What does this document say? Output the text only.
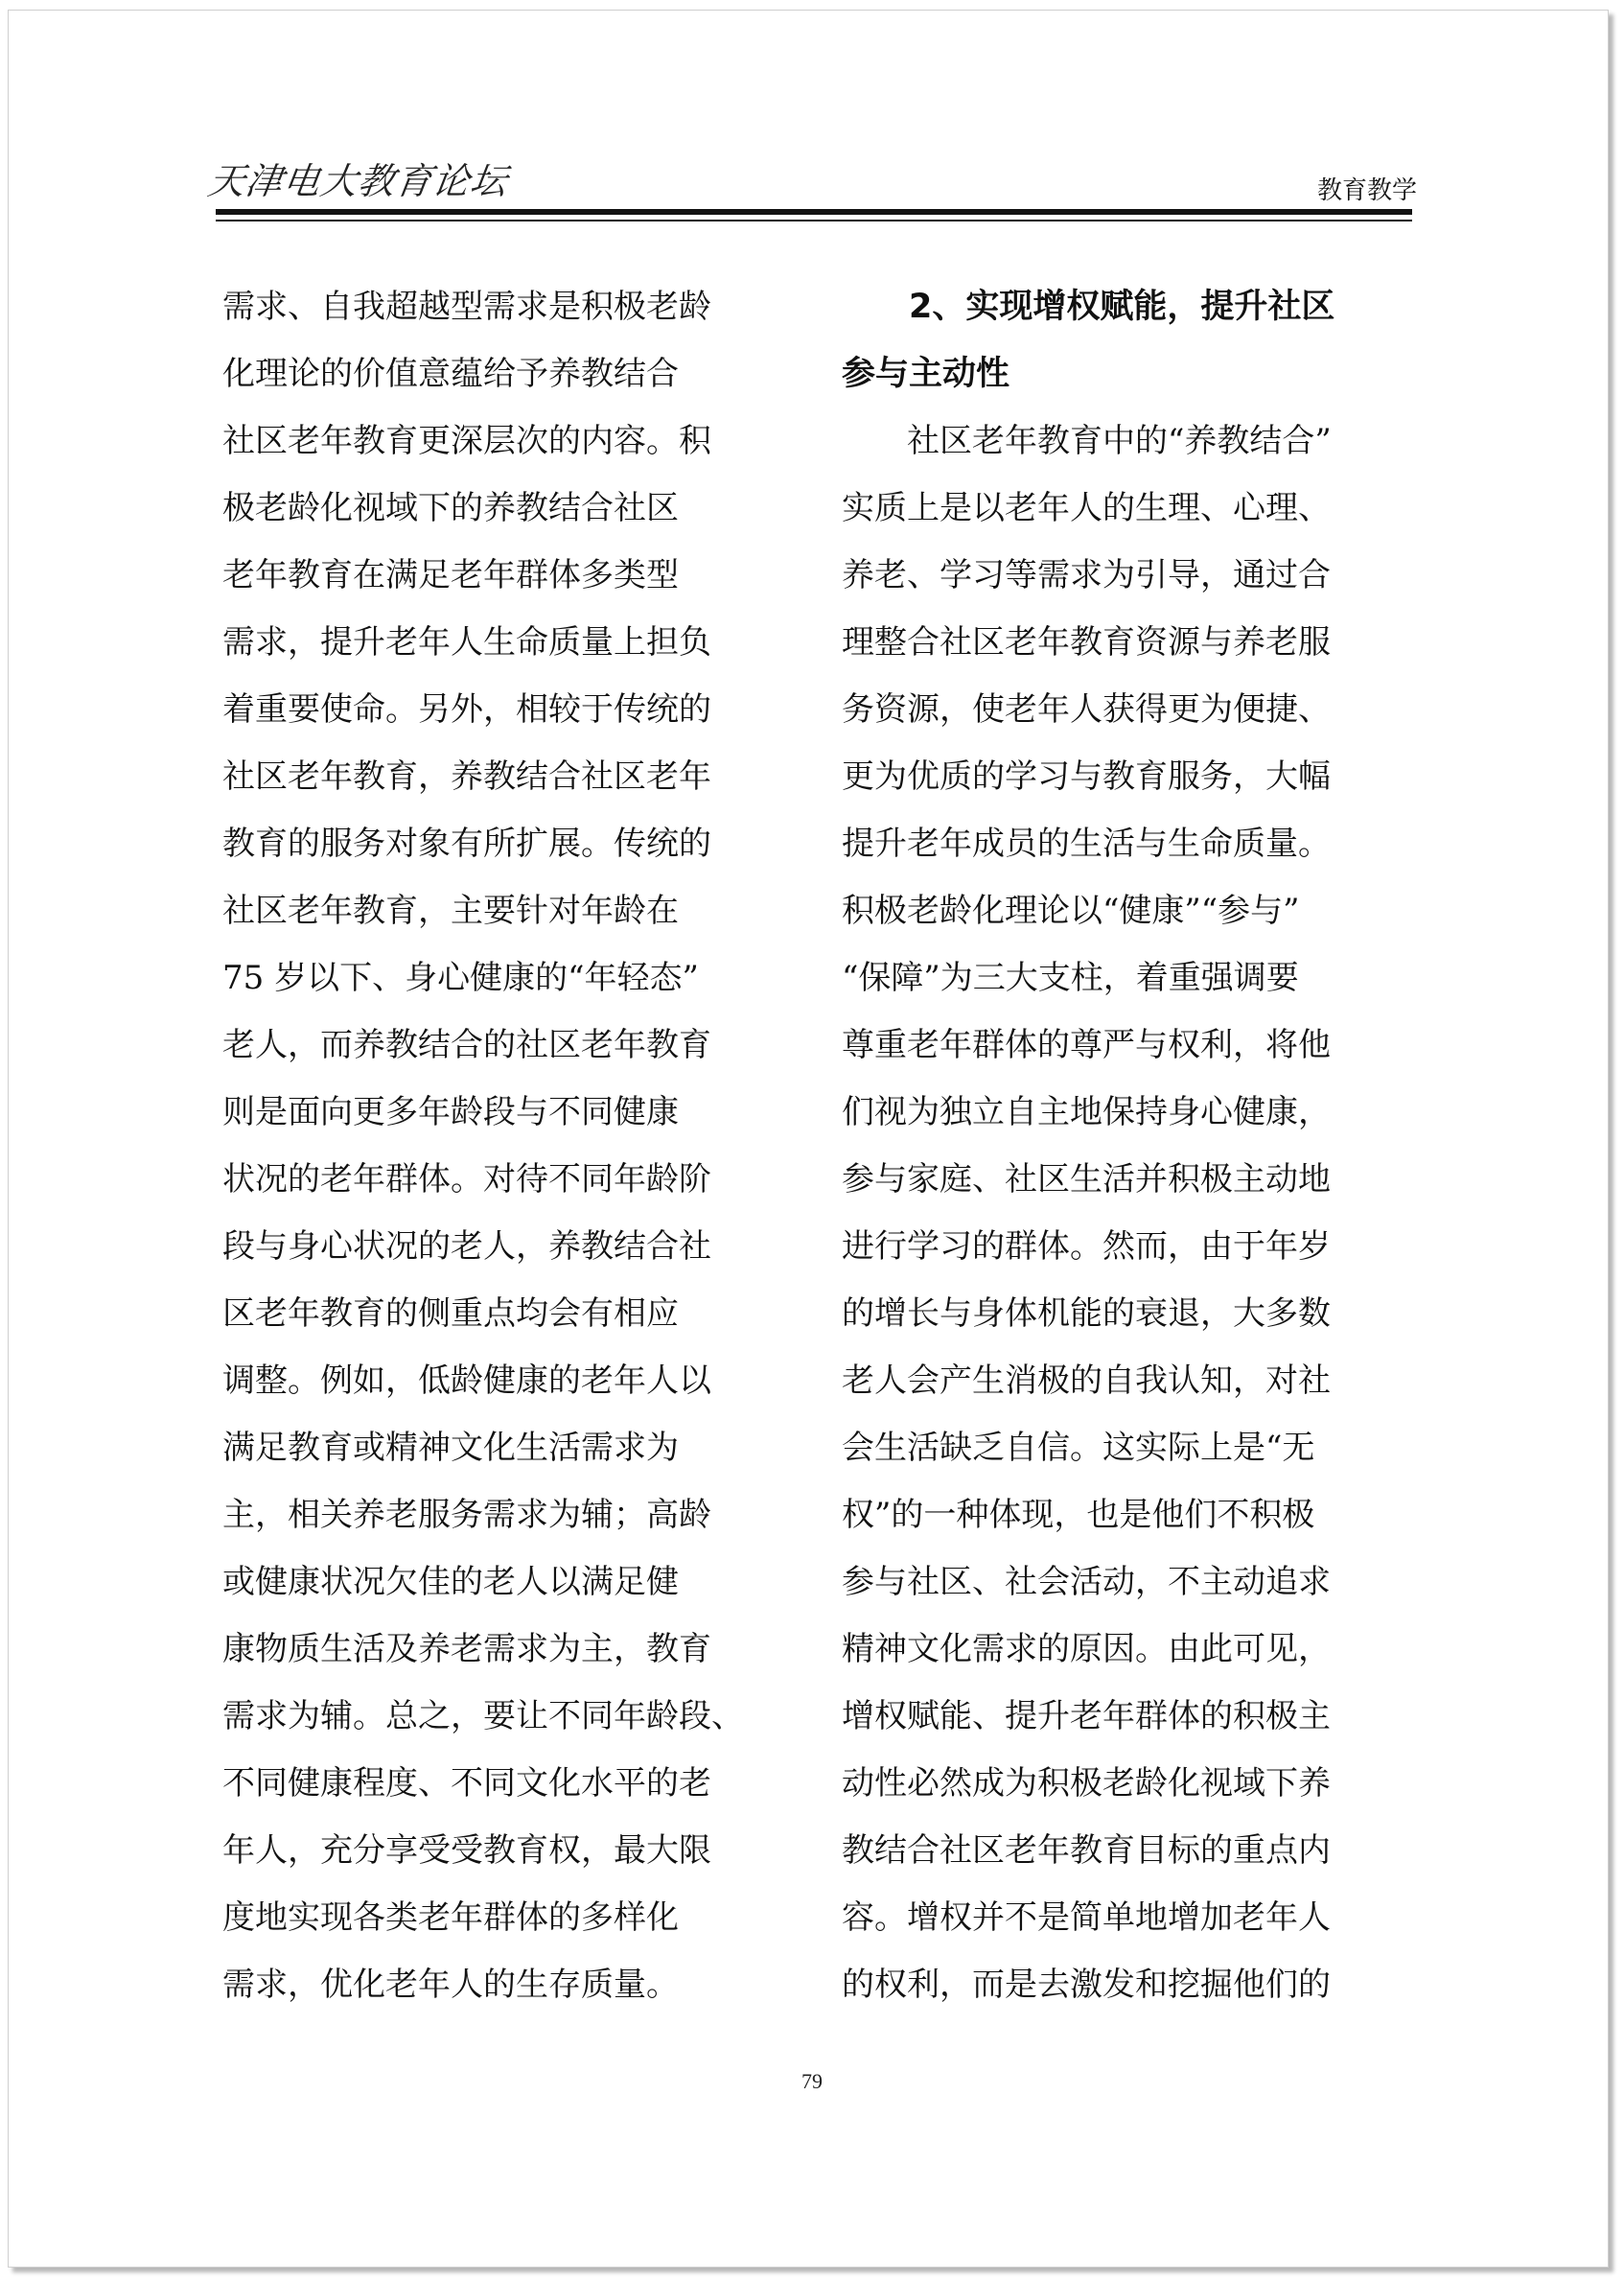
天津电大教育论坛	教育教学
需求、自我超越型需求是积极老龄
化理论的价值意蕴给予养教结合
社区老年教育更深层次的内容。积
极老龄化视域下的养教结合社区
老年教育在满足老年群体多类型
需求，提升老年人生命质量上担负
着重要使命。另外，相较于传统的
社区老年教育，养教结合社区老年
教育的服务对象有所扩展。传统的
社区老年教育，主要针对年龄在
75 岁以下、身心健康的“年轻态”
老人，而养教结合的社区老年教育
则是面向更多年龄段与不同健康
状况的老年群体。对待不同年龄阶
段与身心状况的老人，养教结合社
区老年教育的侧重点均会有相应
调整。例如，低龄健康的老年人以
满足教育或精神文化生活需求为
主，相关养老服务需求为辅；高龄
或健康状况欠佳的老人以满足健
康物质生活及养老需求为主，教育
需求为辅。总之，要让不同年龄段、
不同健康程度、不同文化水平的老
年人，充分享受受教育权，最大限
度地实现各类老年群体的多样化
需求，优化老年人的生存质量。
　　2、实现增权赋能，提升社区
参与主动性
　　社区老年教育中的“养教结合”
实质上是以老年人的生理、心理、
养老、学习等需求为引导，通过合
理整合社区老年教育资源与养老服
务资源，使老年人获得更为便捷、
更为优质的学习与教育服务，大幅
提升老年成员的生活与生命质量。
积极老龄化理论以“健康”“参与”
“保障”为三大支柱，着重强调要
尊重老年群体的尊严与权利，将他
们视为独立自主地保持身心健康，
参与家庭、社区生活并积极主动地
进行学习的群体。然而，由于年岁
的增长与身体机能的衰退，大多数
老人会产生消极的自我认知，对社
会生活缺乏自信。这实际上是“无
权”的一种体现，也是他们不积极
参与社区、社会活动，不主动追求
精神文化需求的原因。由此可见，
增权赋能、提升老年群体的积极主
动性必然成为积极老龄化视域下养
教结合社区老年教育目标的重点内
容。增权并不是简单地增加老年人
的权利，而是去激发和挖掘他们的
79
